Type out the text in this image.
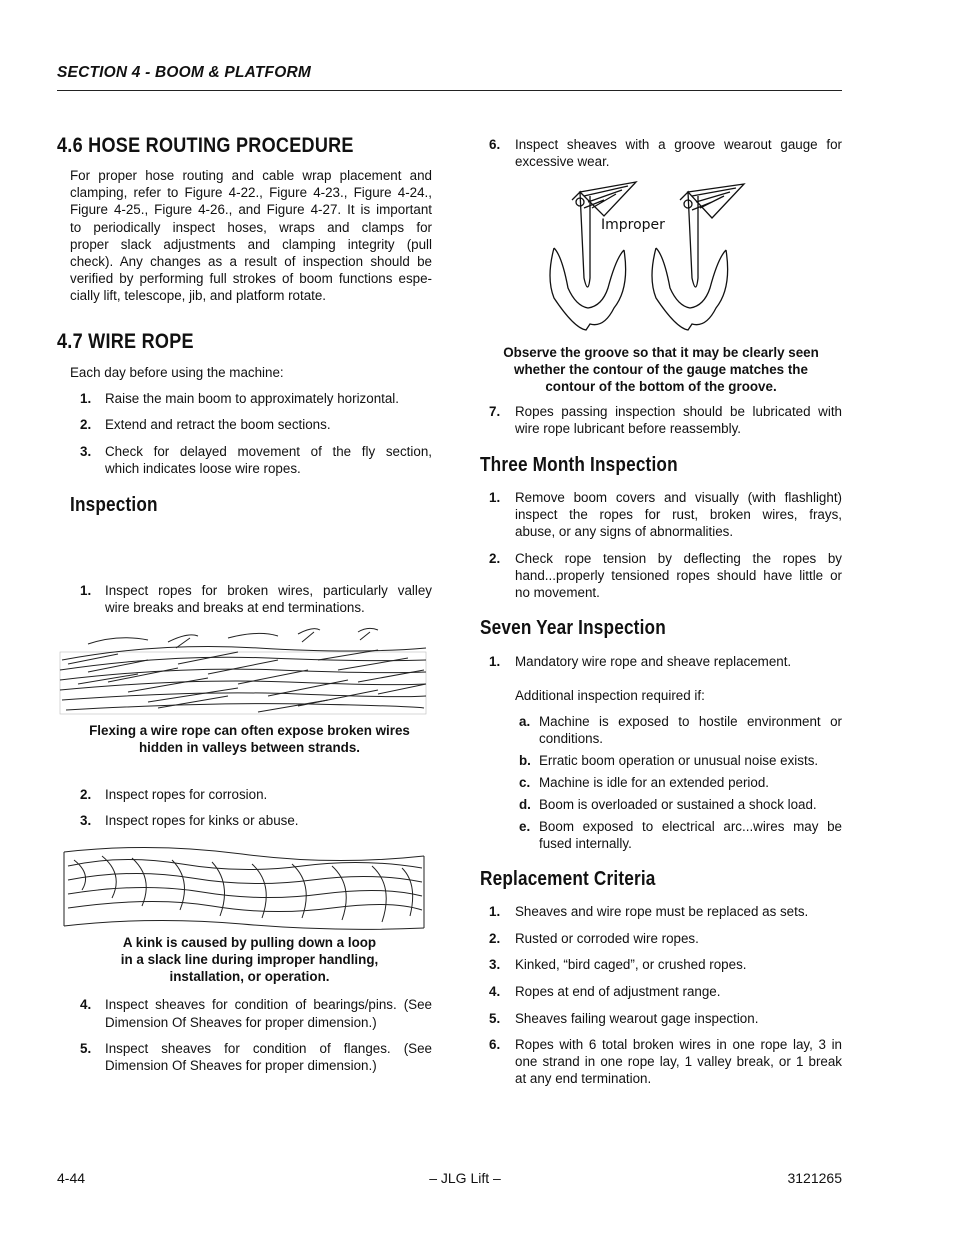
SECTION 4 - BOOM & PLATFORM
4.6 HOSE ROUTING PROCEDURE
For proper hose routing and cable wrap placement and
clamping, refer to Figure 4-22., Figure 4-23., Figure 4-24.,
Figure 4-25., Figure 4-26., and Figure 4-27. It is important
to periodically inspect hoses, wraps and clamps for
proper slack adjustments and clamping integrity (pull
check). Any changes as a result of inspection should be
verified by performing full strokes of boom functions espe-
cially lift, telescope, jib, and platform rotate.
4.7 WIRE ROPE
Each day before using the machine:
1. Raise the main boom to approximately horizontal.
2. Extend and retract the boom sections.
3. Check for delayed movement of the fly section,
which indicates loose wire ropes.
Inspection
1. Inspect ropes for broken wires, particularly valley
wire breaks and breaks at end terminations.
Flexing a wire rope can often expose broken wires
hidden in valleys between strands.
2. Inspect ropes for corrosion.
3. Inspect ropes for kinks or abuse.
A kink is caused by pulling down a loop
in a slack line during improper handling,
installation, or operation.
4. Inspect sheaves for condition of bearings/pins. (See
Dimension Of Sheaves for proper dimension.)
5. Inspect sheaves for condition of flanges. (See
Dimension Of Sheaves for proper dimension.)
6. Inspect sheaves with a groove wearout gauge for
excessive wear.
Improper
Observe the groove so that it may be clearly seen
whether the contour of the gauge matches the
contour of the bottom of the groove.
7. Ropes passing inspection should be lubricated with
wire rope lubricant before reassembly.
Three Month Inspection
1. Remove boom covers and visually (with flashlight)
inspect the ropes for rust, broken wires, frays,
abuse, or any signs of abnormalities.
2. Check rope tension by deflecting the ropes by
hand...properly tensioned ropes should have little or
no movement.
Seven Year Inspection
1. Mandatory wire rope and sheave replacement.
Additional inspection required if:
a. Machine is exposed to hostile environment or
conditions.
b. Erratic boom operation or unusual noise exists.
c. Machine is idle for an extended period.
d. Boom is overloaded or sustained a shock load.
e. Boom exposed to electrical arc...wires may be
fused internally.
Replacement Criteria
1. Sheaves and wire rope must be replaced as sets.
2. Rusted or corroded wire ropes.
3. Kinked, “bird caged”, or crushed ropes.
4. Ropes at end of adjustment range.
5. Sheaves failing wearout gage inspection.
6. Ropes with 6 total broken wires in one rope lay, 3 in
one strand in one rope lay, 1 valley break, or 1 break
at any end termination.
4-44	– JLG Lift –	3121265
